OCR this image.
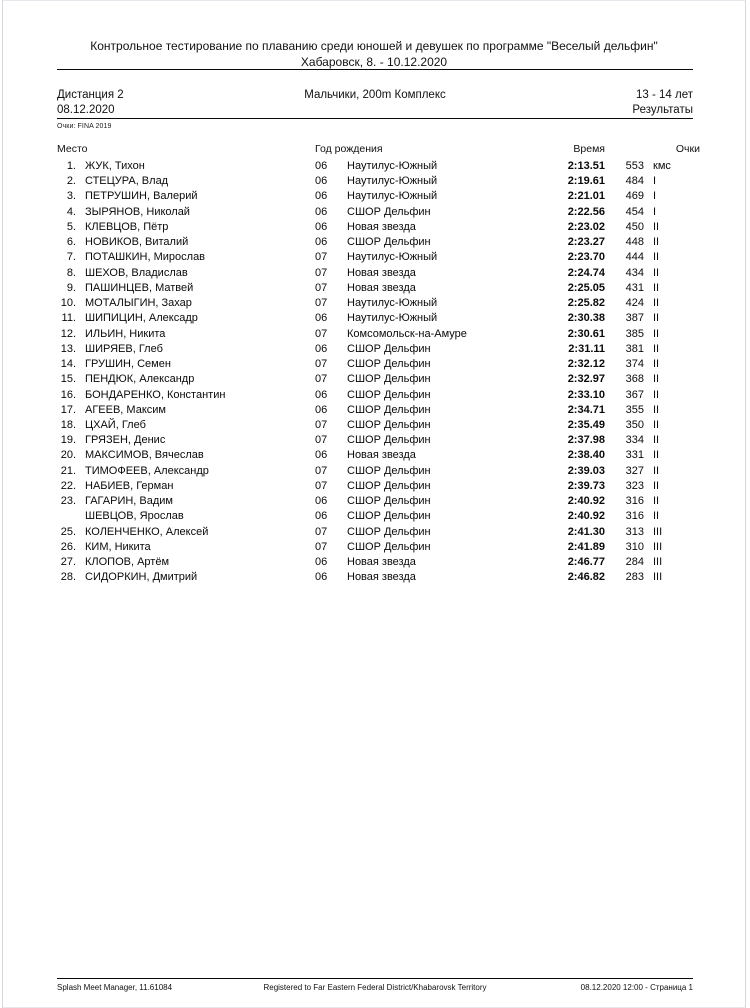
Контрольное тестирование по плаванию среди юношей и девушек по программе "Веселый дельфин"
Хабаровск, 8. - 10.12.2020
Дистанция 2
08.12.2020
Мальчики, 200m Комплекс	13 - 14 лет
Результаты
Очки: FINA 2019
Место	Год рождения	Время	Очки
1. ЖУК, Тихон	06	Наутилус-Южный	2:13.51	553 кмс
2. СТЕЦУРА, Влад	06	Наутилус-Южный	2:19.61	484 I
3. ПЕТРУШИН, Валерий	06	Наутилус-Южный	2:21.01	469 I
4. ЗЫРЯНОВ, Николай	06	СШОР Дельфин	2:22.56	454 I
5. КЛЕВЦОВ, Пётр	06	Новая звезда	2:23.02	450 II
6. НОВИКОВ, Виталий	06	СШОР Дельфин	2:23.27	448 II
7. ПОТАШКИН, Мирослав	07	Наутилус-Южный	2:23.70	444 II
8. ШЕХОВ, Владислав	07	Новая звезда	2:24.74	434 II
9. ПАШИНЦЕВ, Матвей	07	Новая звезда	2:25.05	431 II
10. МОТАЛЫГИН, Захар	07	Наутилус-Южный	2:25.82	424 II
11. ШИПИЦИН, Алексадр	06	Наутилус-Южный	2:30.38	387 II
12. ИЛЬИН, Никита	07	Комсомольск-на-Амуре	2:30.61	385 II
13. ШИРЯЕВ, Глеб	06	СШОР Дельфин	2:31.11	381 II
14. ГРУШИН, Семен	07	СШОР Дельфин	2:32.12	374 II
15. ПЕНДЮК, Александр	07	СШОР Дельфин	2:32.97	368 II
16. БОНДАРЕНКО, Константин	06	СШОР Дельфин	2:33.10	367 II
17. АГЕЕВ, Максим	06	СШОР Дельфин	2:34.71	355 II
18. ЦХАЙ, Глеб	07	СШОР Дельфин	2:35.49	350 II
19. ГРЯЗЕН, Денис	07	СШОР Дельфин	2:37.98	334 II
20. МАКСИМОВ, Вячеслав	06	Новая звезда	2:38.40	331 II
21. ТИМОФЕЕВ, Александр	07	СШОР Дельфин	2:39.03	327 II
22. НАБИЕВ, Герман	07	СШОР Дельфин	2:39.73	323 II
23. ГАГАРИН, Вадим	06	СШОР Дельфин	2:40.92	316 II
ШЕВЦОВ, Ярослав	06	СШОР Дельфин	2:40.92	316 II
25. КОЛЕНЧЕНКО, Алексей	07	СШОР Дельфин	2:41.30	313 III
26. КИМ, Никита	07	СШОР Дельфин	2:41.89	310 III
27. КЛОПОВ, Артём	06	Новая звезда	2:46.77	284 III
28. СИДОРКИН, Дмитрий	06	Новая звезда	2:46.82	283 III
Splash Meet Manager, 11.61084	Registered to Far Eastern Federal District/Khabarovsk Territory	08.12.2020 12:00 - Страница 1
